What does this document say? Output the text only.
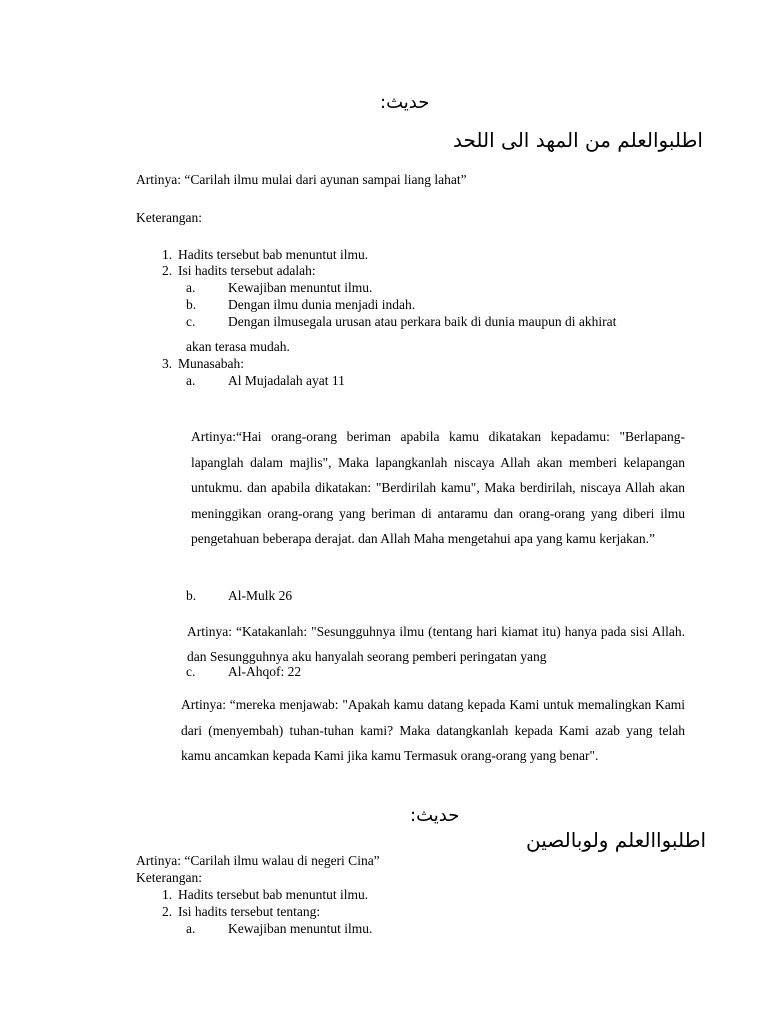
حديث:
اطلبوالعلم من المهد الى اللحد
Artinya: “Carilah ilmu mulai dari ayunan sampai liang lahat”
Keterangan:
1. Hadits tersebut bab menuntut ilmu.
2. Isi hadits tersebut adalah:
a. Kewajiban menuntut ilmu.
b. Dengan ilmu dunia menjadi indah.
c. Dengan ilmusegala urusan atau perkara baik di dunia maupun di akhirat
akan terasa mudah.
3. Munasabah:
a. Al Mujadalah ayat 11
Artinya:“Hai orang-orang beriman apabila kamu dikatakan kepadamu: "Berlapang-lapanglah dalam majlis", Maka lapangkanlah niscaya Allah akan memberi kelapangan untukmu. dan apabila dikatakan: "Berdirilah kamu", Maka berdirilah, niscaya Allah akan meninggikan orang-orang yang beriman di antaramu dan orang-orang yang diberi ilmu pengetahuan beberapa derajat. dan Allah Maha mengetahui apa yang kamu kerjakan.”
b. Al-Mulk 26
Artinya: “Katakanlah: "Sesungguhnya ilmu (tentang hari kiamat itu) hanya pada sisi Allah. dan Sesungguhnya aku hanyalah seorang pemberi peringatan yang
c. Al-Ahqof: 22
Artinya: “mereka menjawab: "Apakah kamu datang kepada Kami untuk memalingkan Kami dari (menyembah) tuhan-tuhan kami? Maka datangkanlah kepada Kami azab yang telah kamu ancamkan kepada Kami jika kamu Termasuk orang-orang yang benar".
حديث:
اطلبواالعلم ولوبالصين
Artinya: “Carilah ilmu walau di negeri Cina”
Keterangan:
1. Hadits tersebut bab menuntut ilmu.
2. Isi hadits tersebut tentang:
a. Kewajiban menuntut ilmu.
